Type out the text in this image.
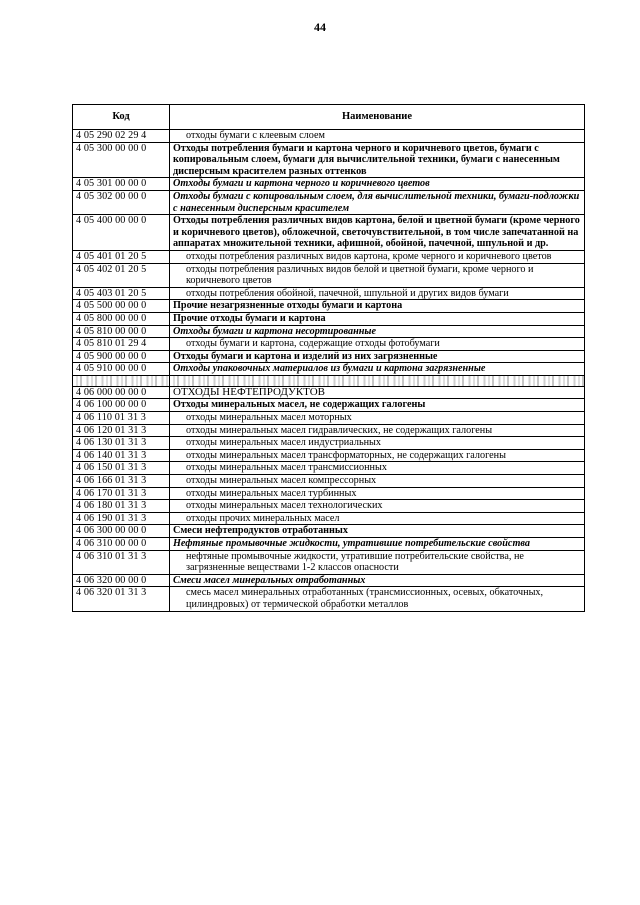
44
Код	Наименование
4 05 290 02 29 4	отходы бумаги с клеевым слоем
4 05 300 00 00 0	Отходы потребления бумаги и картона черного и коричневого цветов, бумаги с копировальным слоем, бумаги для вычислительной техники, бумаги с нанесенным дисперсным красителем разных оттенков
4 05 301 00 00 0	Отходы бумаги и картона черного и коричневого цветов
4 05 302 00 00 0	Отходы бумаги с копировальным слоем, для вычислительной техники, бумаги-подложки с нанесенным дисперсным красителем
4 05 400 00 00 0	Отходы потребления различных видов картона, белой и цветной бумаги (кроме черного и коричневого цветов), обложечной, светочувствительной, в том числе запечатанной на аппаратах множительной техники, афишной, обойной, пачечной, шпульной и др.
4 05 401 01 20 5	отходы потребления различных видов картона, кроме черного и коричневого цветов
4 05 402 01 20 5	отходы потребления различных видов белой и цветной бумаги, кроме черного и коричневого цветов
4 05 403 01 20 5	отходы потребления обойной, пачечной, шпульной и других видов бумаги
4 05 500 00 00 0	Прочие незагрязненные отходы бумаги и картона
4 05 800 00 00 0	Прочие отходы бумаги и картона
4 05 810 00 00 0	Отходы бумаги и картона несортированные
4 05 810 01 29 4	отходы бумаги и картона, содержащие отходы фотобумаги
4 05 900 00 00 0	Отходы бумаги и картона и изделий из них загрязненные
4 05 910 00 00 0	Отходы упаковочных материалов из бумаги и картона загрязненные

4 06 000 00 00 0	ОТХОДЫ НЕФТЕПРОДУКТОВ
4 06 100 00 00 0	Отходы минеральных масел, не содержащих галогены
4 06 110 01 31 3	отходы минеральных масел моторных
4 06 120 01 31 3	отходы минеральных масел гидравлических, не содержащих галогены
4 06 130 01 31 3	отходы минеральных масел индустриальных
4 06 140 01 31 3	отходы минеральных масел трансформаторных, не содержащих галогены
4 06 150 01 31 3	отходы минеральных масел трансмиссионных
4 06 166 01 31 3	отходы минеральных масел компрессорных
4 06 170 01 31 3	отходы минеральных масел турбинных
4 06 180 01 31 3	отходы минеральных масел технологических
4 06 190 01 31 3	отходы прочих минеральных масел
4 06 300 00 00 0	Смеси нефтепродуктов отработанных
4 06 310 00 00 0	Нефтяные промывочные жидкости, утратившие потребительские свойства
4 06 310 01 31 3	нефтяные промывочные жидкости, утратившие потребительские свойства, не загрязненные веществами 1-2 классов опасности
4 06 320 00 00 0	Смеси масел минеральных отработанных
4 06 320 01 31 3	смесь масел минеральных отработанных (трансмиссионных, осевых, обкаточных, цилиндровых) от термической обработки металлов
